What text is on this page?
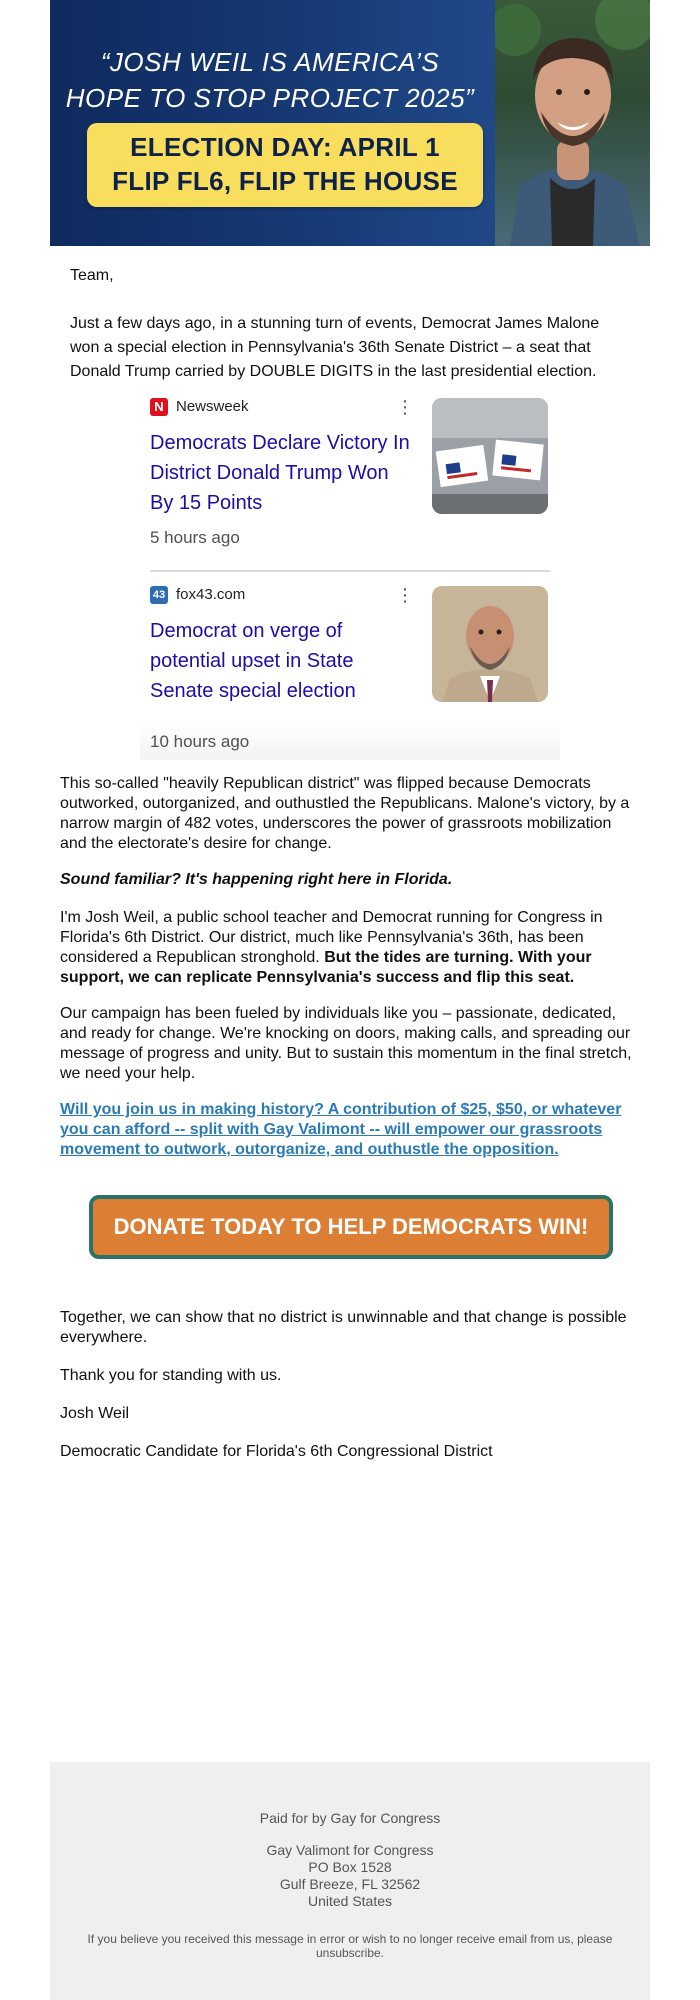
“JOSH WEIL IS AMERICA’S
HOPE TO STOP PROJECT 2025”
ELECTION DAY: APRIL 1
FLIP FL6, FLIP THE HOUSE
Team,
Just a few days ago, in a stunning turn of events, Democrat James Malone won a special election in Pennsylvania's 36th Senate District – a seat that Donald Trump carried by DOUBLE DIGITS in the last presidential election.
N Newsweek	⋮
Democrats Declare Victory In
District Donald Trump Won
By 15 Points
5 hours ago
43 fox43.com	⋮
Democrat on verge of
potential upset in State
Senate special election
10 hours ago
This so-called "heavily Republican district" was flipped because Democrats outworked, outorganized, and outhustled the Republicans. Malone's victory, by a narrow margin of 482 votes, underscores the power of grassroots mobilization and the electorate's desire for change.
Sound familiar? It's happening right here in Florida.
I'm Josh Weil, a public school teacher and Democrat running for Congress in Florida's 6th District. Our district, much like Pennsylvania's 36th, has been considered a Republican stronghold. But the tides are turning. With your support, we can replicate Pennsylvania's success and flip this seat.
Our campaign has been fueled by individuals like you – passionate, dedicated, and ready for change. We're knocking on doors, making calls, and spreading our message of progress and unity. But to sustain this momentum in the final stretch, we need your help.
Will you join us in making history? A contribution of $25, $50, or whatever you can afford -- split with Gay Valimont -- will empower our grassroots movement to outwork, outorganize, and outhustle the opposition.
DONATE TODAY TO HELP DEMOCRATS WIN!
Together, we can show that no district is unwinnable and that change is possible everywhere.
Thank you for standing with us.
Josh Weil
Democratic Candidate for Florida's 6th Congressional District
Paid for by Gay for Congress
Gay Valimont for Congress
PO Box 1528
Gulf Breeze, FL 32562
United States
If you believe you received this message in error or wish to no longer receive email from us, please unsubscribe.
